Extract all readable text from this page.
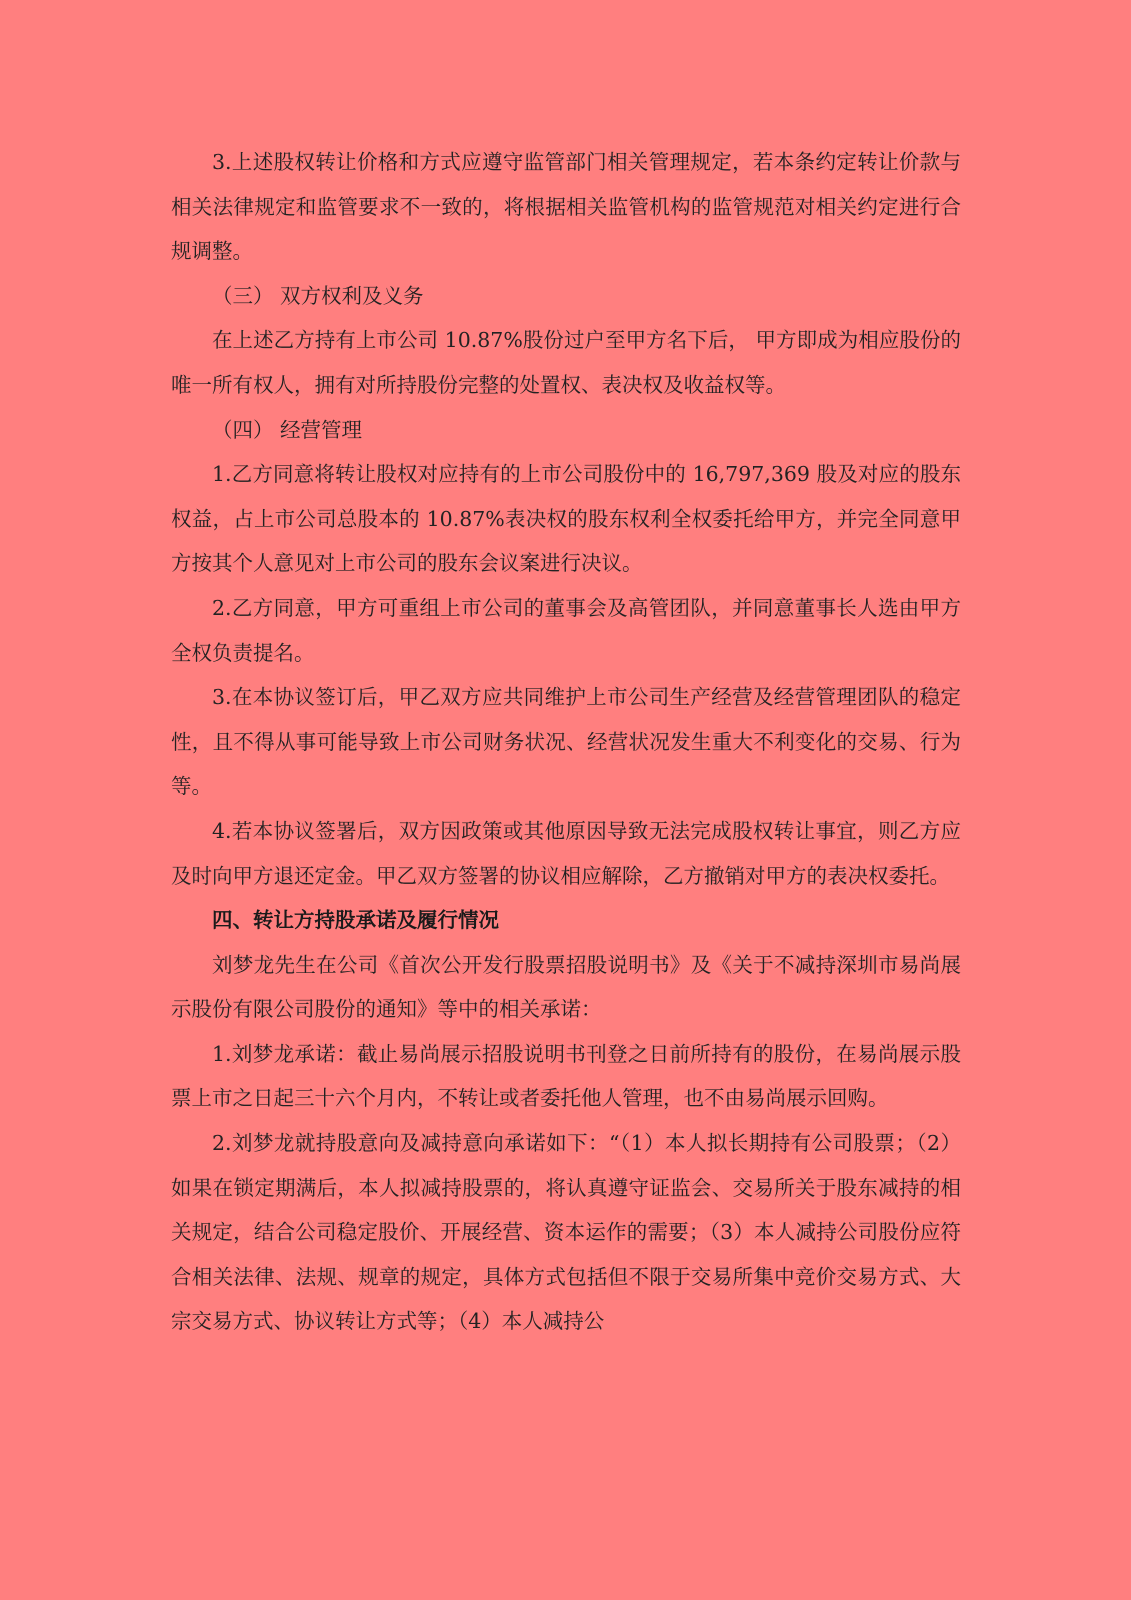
3.上述股权转让价格和方式应遵守监管部门相关管理规定，若本条约定转让价款与相关法律规定和监管要求不一致的，将根据相关监管机构的监管规范对相关约定进行合规调整。

（三） 双方权利及义务

在上述乙方持有上市公司 10.87%股份过户至甲方名下后， 甲方即成为相应股份的唯一所有权人，拥有对所持股份完整的处置权、表决权及收益权等。

（四） 经营管理

1.乙方同意将转让股权对应持有的上市公司股份中的 16,797,369 股及对应的股东权益，占上市公司总股本的 10.87%表决权的股东权利全权委托给甲方，并完全同意甲方按其个人意见对上市公司的股东会议案进行决议。

2.乙方同意，甲方可重组上市公司的董事会及高管团队，并同意董事长人选由甲方全权负责提名。

3.在本协议签订后，甲乙双方应共同维护上市公司生产经营及经营管理团队的稳定性，且不得从事可能导致上市公司财务状况、经营状况发生重大不利变化的交易、行为等。

4.若本协议签署后，双方因政策或其他原因导致无法完成股权转让事宜，则乙方应及时向甲方退还定金。甲乙双方签署的协议相应解除，乙方撤销对甲方的表决权委托。

四、转让方持股承诺及履行情况

刘梦龙先生在公司《首次公开发行股票招股说明书》及《关于不减持深圳市易尚展示股份有限公司股份的通知》等中的相关承诺：

1.刘梦龙承诺：截止易尚展示招股说明书刊登之日前所持有的股份，在易尚展示股票上市之日起三十六个月内，不转让或者委托他人管理，也不由易尚展示回购。

2.刘梦龙就持股意向及减持意向承诺如下：“（1）本人拟长期持有公司股票；（2）如果在锁定期满后，本人拟减持股票的，将认真遵守证监会、交易所关于股东减持的相关规定，结合公司稳定股价、开展经营、资本运作的需要；（3）本人减持公司股份应符合相关法律、法规、规章的规定，具体方式包括但不限于交易所集中竞价交易方式、大宗交易方式、协议转让方式等；（4）本人减持公
